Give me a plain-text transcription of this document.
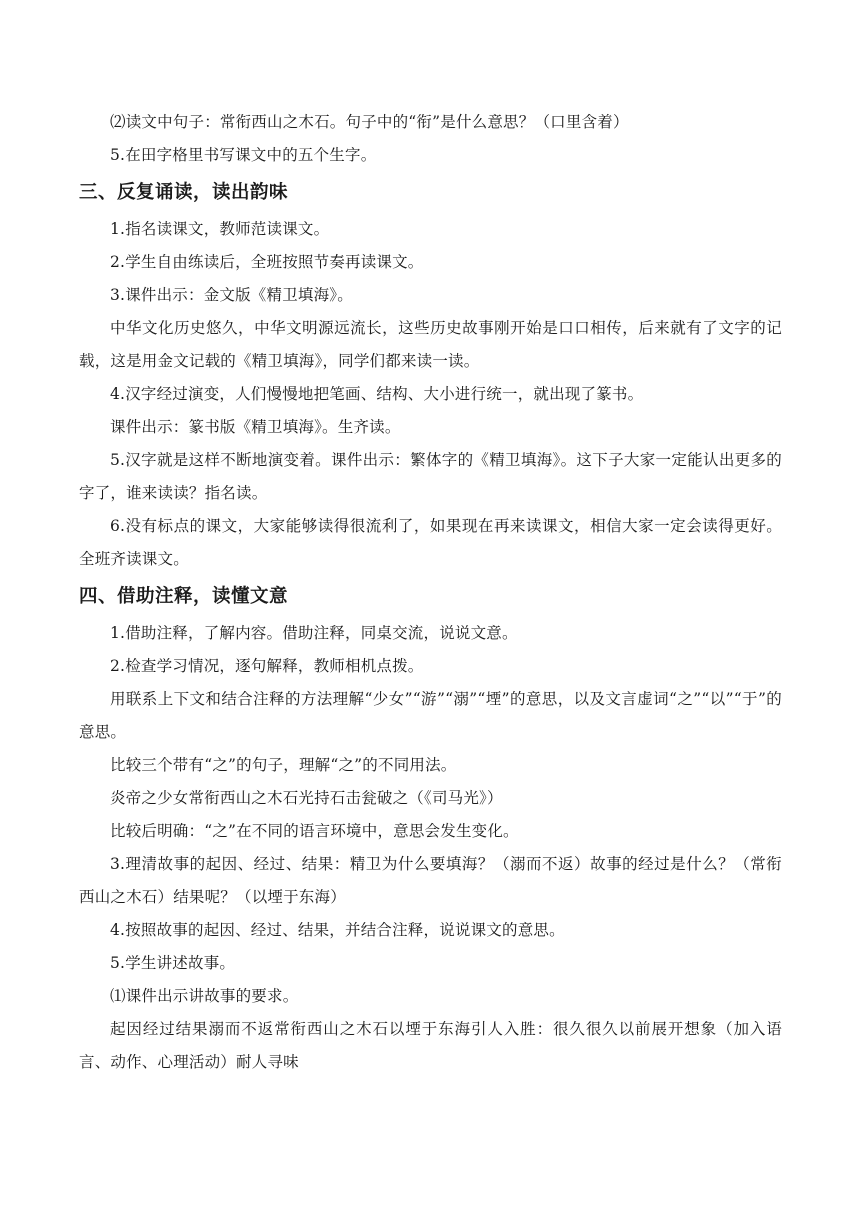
⑵读文中句子：常衔西山之木石。句子中的“衔”是什么意思？（口里含着）

5.在田字格里书写课文中的五个生字。

三、反复诵读，读出韵味

1.指名读课文，教师范读课文。

2.学生自由练读后，全班按照节奏再读课文。

3.课件出示：金文版《精卫填海》。

中华文化历史悠久，中华文明源远流长，这些历史故事刚开始是口口相传，后来就有了文字的记载，这是用金文记载的《精卫填海》，同学们都来读一读。

4.汉字经过演变，人们慢慢地把笔画、结构、大小进行统一，就出现了篆书。

课件出示：篆书版《精卫填海》。生齐读。

5.汉字就是这样不断地演变着。课件出示：繁体字的《精卫填海》。这下子大家一定能认出更多的字了，谁来读读？指名读。

6.没有标点的课文，大家能够读得很流利了，如果现在再来读课文，相信大家一定会读得更好。全班齐读课文。

四、借助注释，读懂文意

1.借助注释，了解内容。借助注释，同桌交流，说说文意。

2.检查学习情况，逐句解释，教师相机点拨。

用联系上下文和结合注释的方法理解“少女”“游”“溺”“堙”的意思，以及文言虚词“之”“以”“于”的意思。

比较三个带有“之”的句子，理解“之”的不同用法。

炎帝之少女常衔西山之木石光持石击瓮破之（《司马光》）

比较后明确：“之”在不同的语言环境中，意思会发生变化。

3.理清故事的起因、经过、结果：精卫为什么要填海？（溺而不返）故事的经过是什么？（常衔西山之木石）结果呢？（以堙于东海）

4.按照故事的起因、经过、结果，并结合注释，说说课文的意思。

5.学生讲述故事。

⑴课件出示讲故事的要求。

起因经过结果溺而不返常衔西山之木石以堙于东海引人入胜：很久很久以前展开想象（加入语言、动作、心理活动）耐人寻味
